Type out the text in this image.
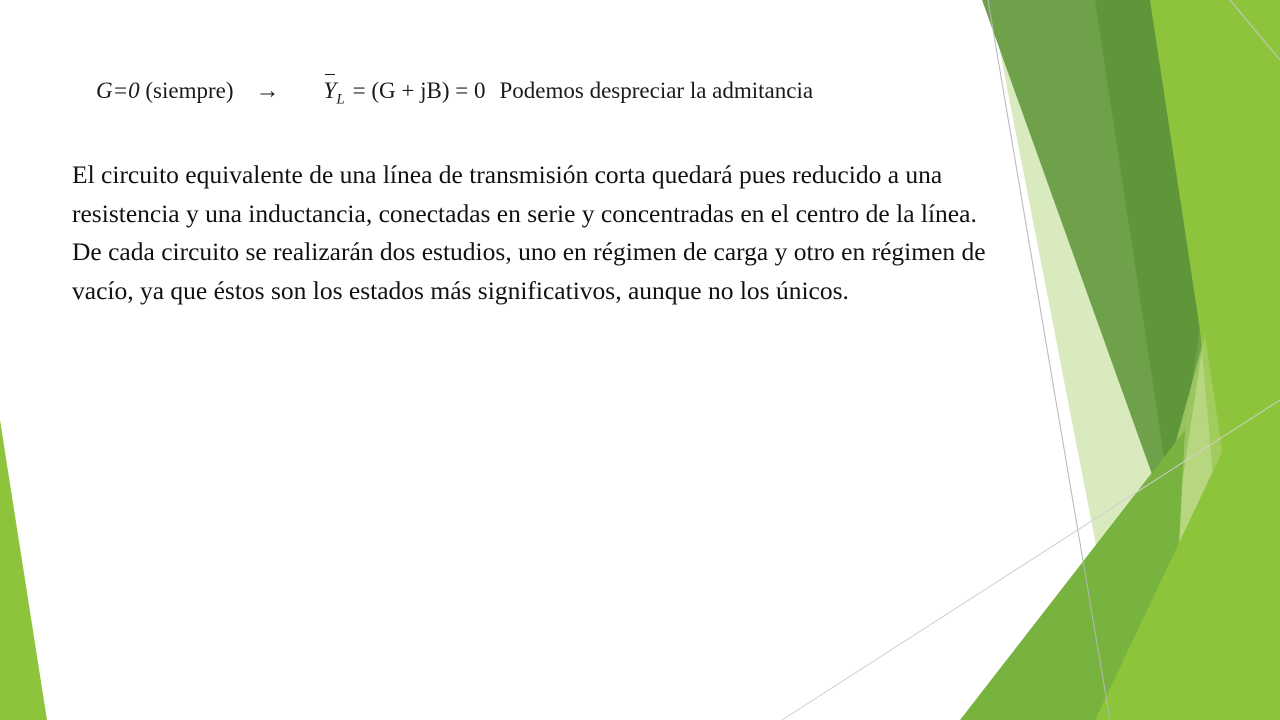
G=0 (siempre) → $Y_L = (G + jB) = 0$ Podemos despreciar la admitancia

El circuito equivalente de una línea de transmisión corta quedará pues reducido a una resistencia y una inductancia, conectadas en serie y concentradas en el centro de la línea.

De cada circuito se realizarán dos estudios, uno en régimen de carga y otro en régimen de vacío, ya que éstos son los estados más significativos, aunque no los únicos.
